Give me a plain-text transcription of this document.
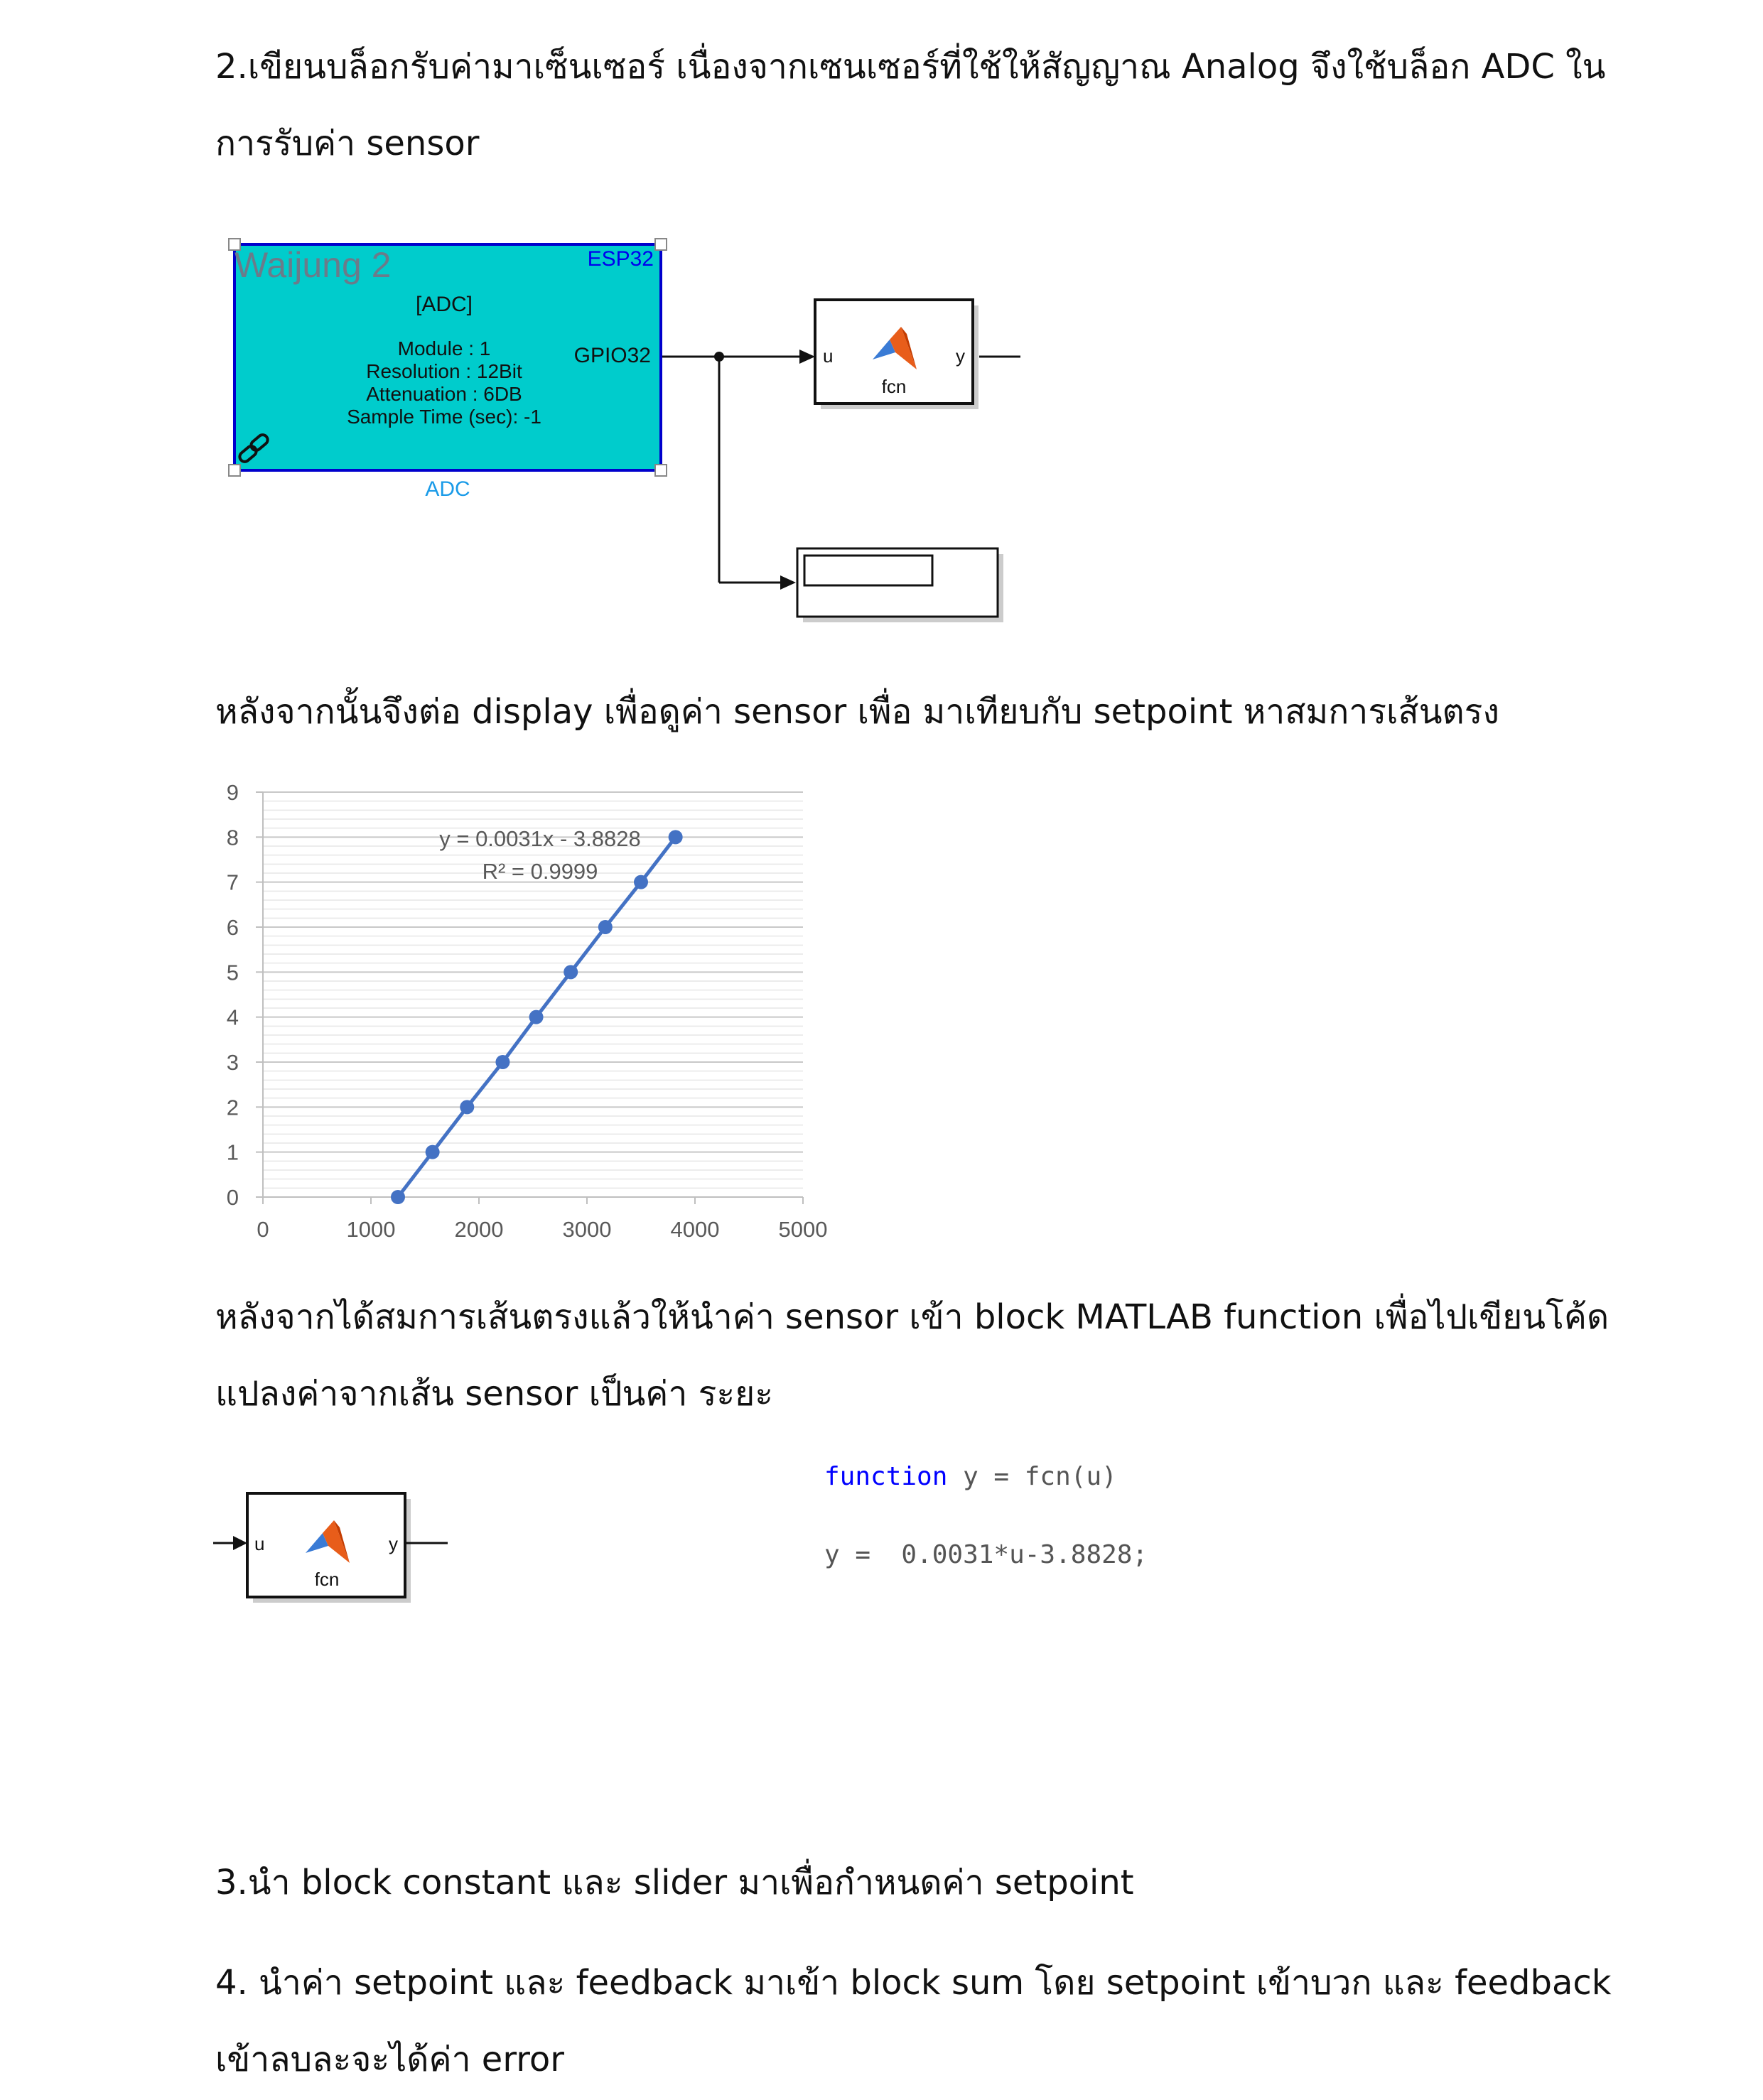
2.เขียนบล็อกรับค่ามาเซ็นเซอร์ เนื่องจากเซนเซอร์ที่ใช้ให้สัญญาณ Analog จึงใช้บล็อก ADC ใน
การรับค่า sensor

Waijung 2	ESP32
[ADC]
Module : 1
Resolution : 12Bit
Attenuation : 6DB
Sample Time (sec): -1
GPIO32
ADC
u	y
fcn

หลังจากนั้นจึงต่อ display เพื่อดูค่า sensor เพื่อ มาเทียบกับ setpoint หาสมการเส้นตรง

0
1
2
3
4
5
6
7
8
9
0	1000	2000	3000	4000	5000
y = 0.0031x - 3.8828
R² = 0.9999

หลังจากได้สมการเส้นตรงแล้วให้นำค่า sensor เข้า block MATLAB function เพื่อไปเขียนโค้ด
แปลงค่าจากเส้น sensor เป็นค่า ระยะ

u	y
fcn
function y = fcn(u)
y =  0.0031*u-3.8828;

3.นำ block constant และ slider มาเพื่อกำหนดค่า setpoint

4. นำค่า setpoint และ feedback มาเข้า block sum โดย setpoint เข้าบวก และ feedback
เข้าลบละจะได้ค่า error
